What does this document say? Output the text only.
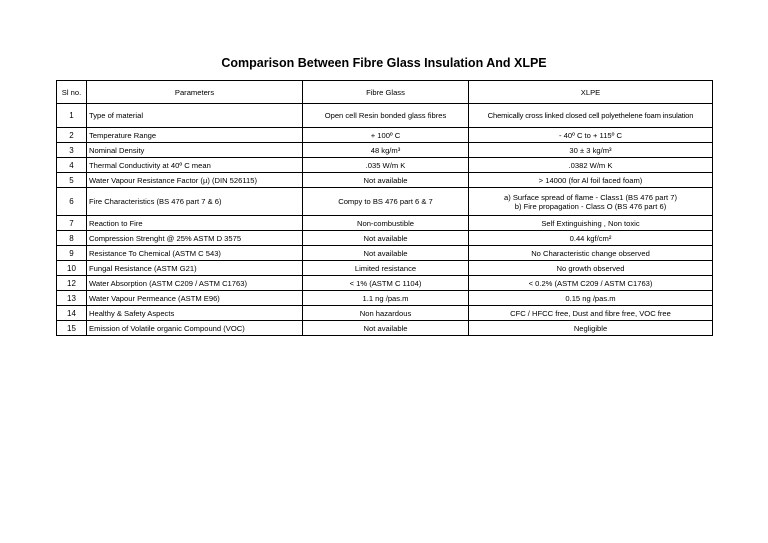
Comparison Between Fibre Glass Insulation And XLPE
Sl no.	Parameters	Fibre Glass	XLPE
1	Type of material	Open cell Resin bonded glass fibres	Chemically cross linked closed cell polyethelene foam insulation
2	Temperature Range	+ 100º C	- 40º C to + 115º C
3	Nominal Density	48 kg/m³	30 ± 3 kg/m³
4	Thermal Conductivity at 40º C mean	.035 W/m K	.0382 W/m K
5	Water Vapour Resistance Factor (µ) (DIN 526115)	Not available	> 14000 (for Al foil faced foam)
6	Fire Characteristics (BS 476 part 7 & 6)	Compy to BS 476 part 6 & 7	a) Surface spread of flame - Class1 (BS 476 part 7)
b) Fire propagation - Class O (BS 476 part 6)

7	Reaction to Fire	Non-combustible	Self Extinguishing , Non toxic
8	Compression Strenght @ 25% ASTM D 3575	Not available	0.44 kgf/cm²
9	Resistance To Chemical (ASTM C 543)	Not available	No Characteristic change observed
10	Fungal Resistance (ASTM G21)	Limited resistance	No growth observed
12	Water Absorption (ASTM C209 / ASTM C1763)	< 1% (ASTM C 1104)	< 0.2% (ASTM C209 / ASTM C1763)
13	Water Vapour Permeance (ASTM E96)	1.1 ng /pas.m	0.15 ng /pas.m
14	Healthy & Safety Aspects	Non hazardous	CFC / HFCC free, Dust and fibre free, VOC free
15	Emission of Volatile organic Compound (VOC)	Not available	Negligible
